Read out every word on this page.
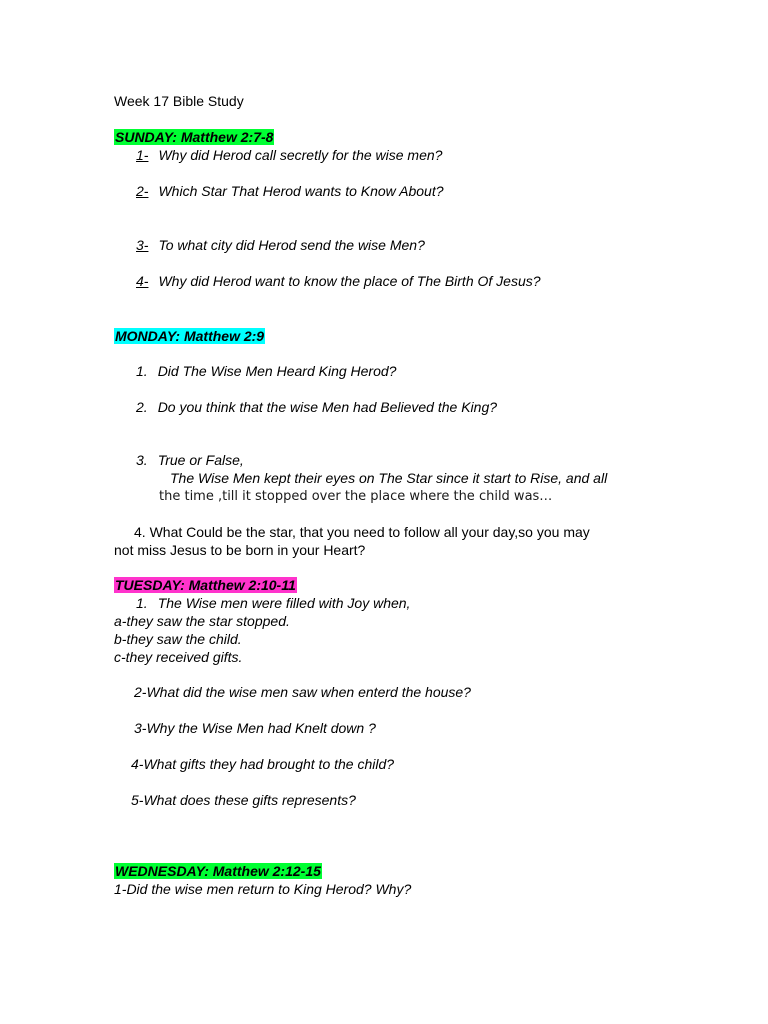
Week 17 Bible Study
SUNDAY: Matthew 2:7-8
1- Why did Herod call secretly for the wise men?
2- Which Star That Herod wants to Know About?
3- To what city did Herod send the wise Men?
4- Why did Herod want to know the place of The Birth Of Jesus?
MONDAY: Matthew 2:9
1. Did The Wise Men Heard King Herod?
2. Do you think that the wise Men had Believed the King?
3. True or False,
The Wise Men kept their eyes on The Star since it start to Rise, and all
the time ,till it stopped over the place where the child was…
4. What Could be the star, that you need to follow all your day,so you may
not miss Jesus to be born in your Heart?
TUESDAY: Matthew 2:10-11
1. The Wise men were filled with Joy when,
a-they saw the star stopped.
b-they saw the child.
c-they received gifts.
2-What did the wise men saw when enterd the house?
3-Why the Wise Men had Knelt down ?
4-What gifts they had brought to the child?
5-What does these gifts represents?
WEDNESDAY: Matthew 2:12-15
1-Did the wise men return to King Herod? Why?
